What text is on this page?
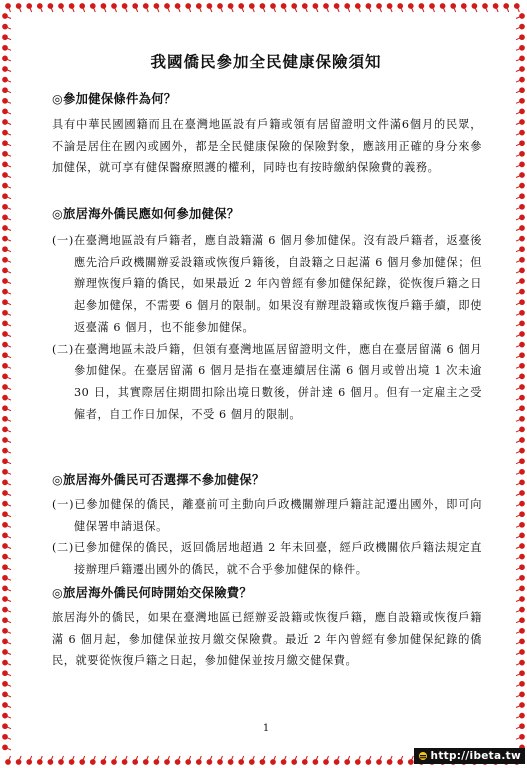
我國僑民參加全民健康保險須知
◎參加健保條件為何？
具有中華民國國籍而且在臺灣地區設有戶籍或領有居留證明文件滿6個月的民眾，不論是居住在國內或國外，都是全民健康保險的保險對象，應該用正確的身分來參加健保，就可享有健保醫療照護的權利，同時也有按時繳納保險費的義務。
◎旅居海外僑民應如何參加健保？
(一)在臺灣地區設有戶籍者，應自設籍滿 6 個月參加健保。沒有設戶籍者，返臺後應先洽戶政機關辦妥設籍或恢復戶籍後，自設籍之日起滿 6 個月參加健保；但辦理恢復戶籍的僑民，如果最近 2 年內曾經有參加健保紀錄，從恢復戶籍之日起參加健保，不需要 6 個月的限制。如果沒有辦理設籍或恢復戶籍手續，即使返臺滿 6 個月，也不能參加健保。
(二)在臺灣地區未設戶籍，但領有臺灣地區居留證明文件，應自在臺居留滿 6 個月參加健保。在臺居留滿 6 個月是指在臺連續居住滿 6 個月或曾出境 1 次未逾 30 日，其實際居住期間扣除出境日數後，併計達 6 個月。但有一定雇主之受僱者，自工作日加保，不受 6 個月的限制。
◎旅居海外僑民可否選擇不參加健保？
(一)已參加健保的僑民，離臺前可主動向戶政機關辦理戶籍註記遷出國外，即可向健保署申請退保。
(二)已參加健保的僑民，返回僑居地超過 2 年未回臺，經戶政機關依戶籍法規定直接辦理戶籍遷出國外的僑民，就不合乎參加健保的條件。
◎旅居海外僑民何時開始交保險費？
旅居海外的僑民，如果在臺灣地區已經辦妥設籍或恢復戶籍，應自設籍或恢復戶籍滿 6 個月起，參加健保並按月繳交保險費。最近 2 年內曾經有參加健保紀錄的僑民，就要從恢復戶籍之日起，參加健保並按月繳交健保費。
1
http://ibeta.tw
